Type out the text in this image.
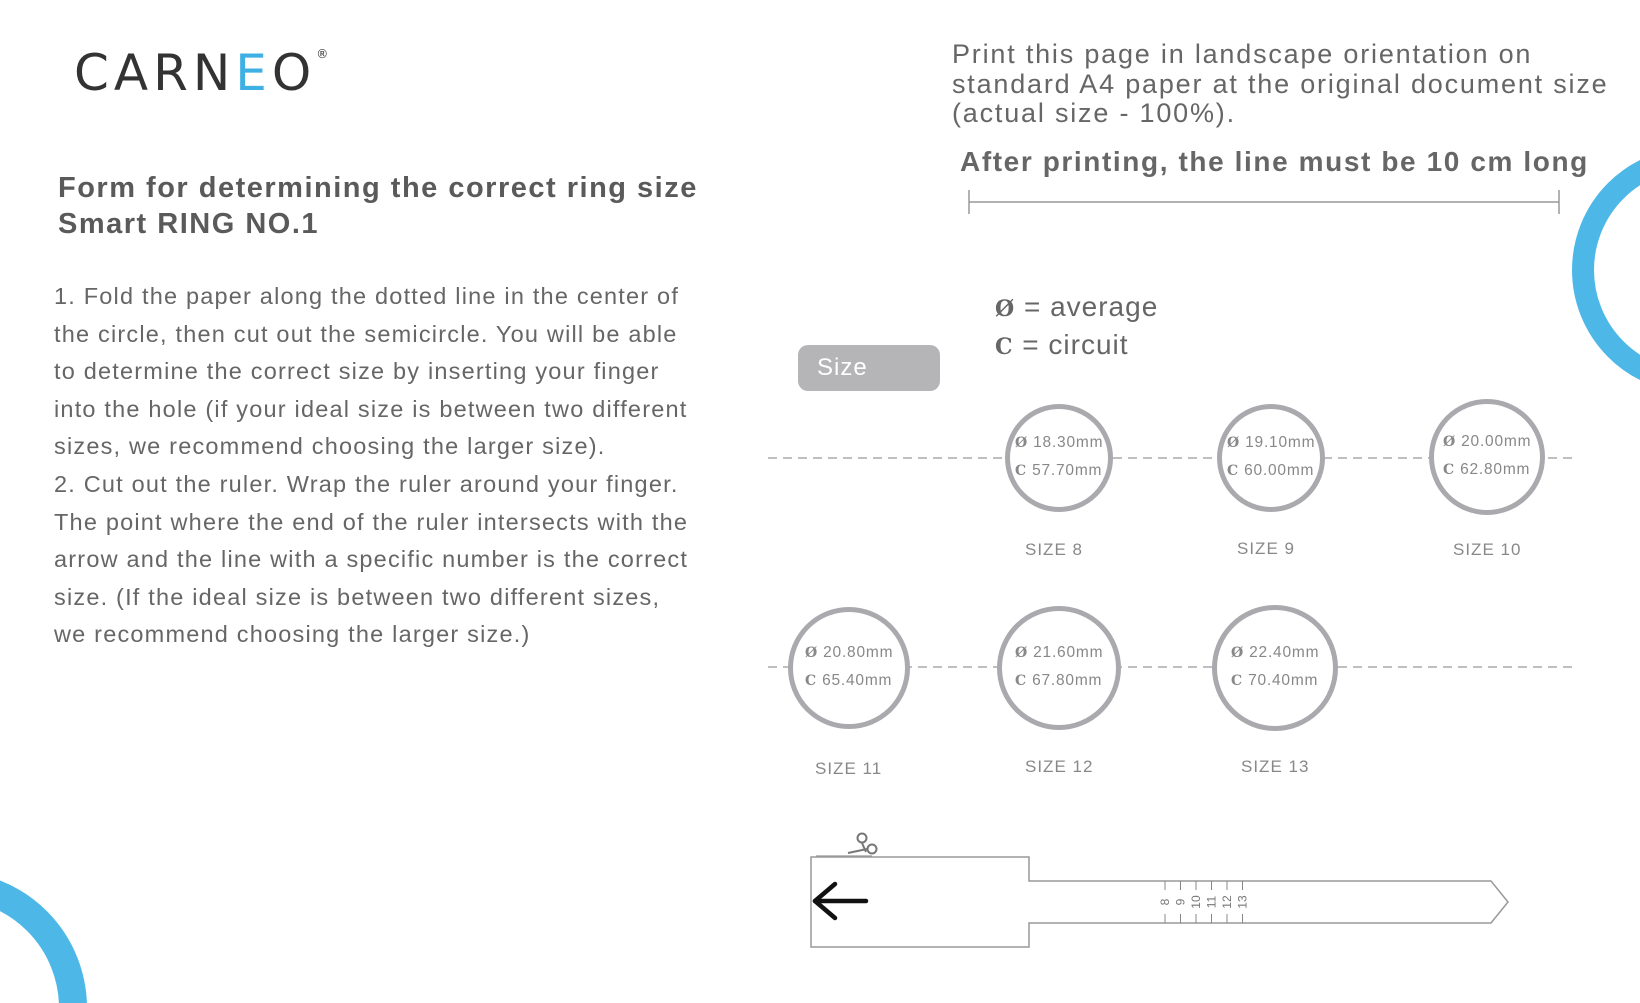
8 9 10 11 12 13
CARNEO®
Form for determining the correct ring size
Smart RING NO.1

1. Fold the paper along the dotted line in the center of the circle, then cut out the semicircle. You will be able to determine the correct size by inserting your finger into the hole (if your ideal size is between two different sizes, we recommend choosing the larger size).

2. Cut out the ruler. Wrap the ruler around your finger. The point where the end of the ruler intersects with the arrow and the line with a specific number is the correct size. (If the ideal size is between two different sizes, we recommend choosing the larger size.)

Print this page in landscape orientation on standard A4 paper at the original document size (actual size - 100%).
After printing, the line must be 10 cm long
Ø = average
C = circuit
Size
Ø 18.30mm
C 57.70mm
SIZE 8
Ø 19.10mm
C 60.00mm
SIZE 9
Ø 20.00mm
C 62.80mm
SIZE 10
Ø 20.80mm
C 65.40mm
SIZE 11
Ø 21.60mm
C 67.80mm
SIZE 12
Ø 22.40mm
C 70.40mm
SIZE 13
